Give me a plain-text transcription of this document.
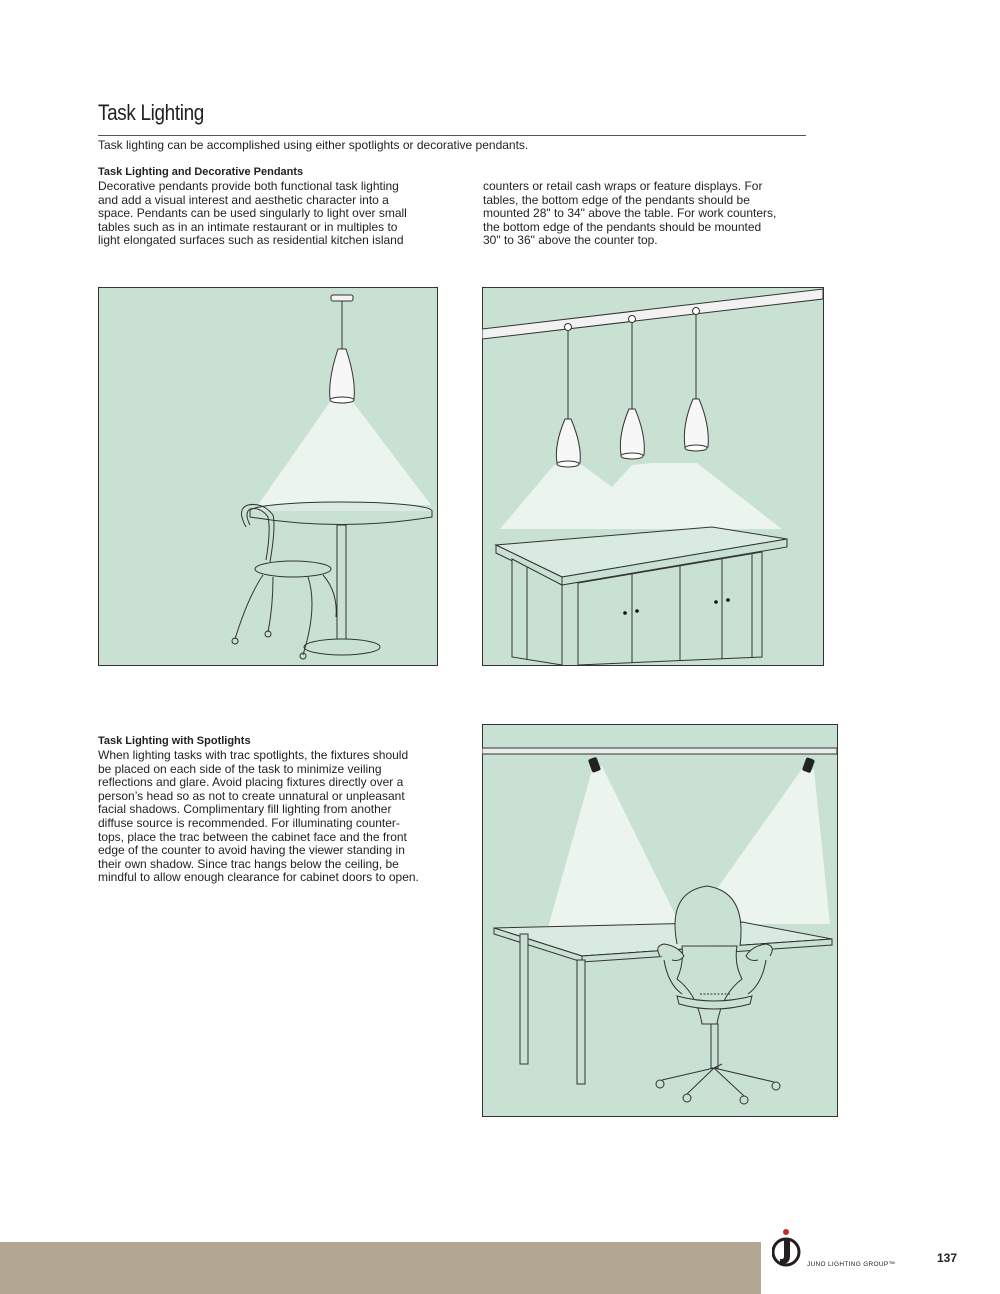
Task Lighting

Task lighting can be accomplished using either spotlights or decorative pendants.

Task Lighting and Decorative Pendants

Decorative pendants provide both functional task lighting
and add a visual interest and aesthetic character into a
space. Pendants can be used singularly to light over small
tables such as in an intimate restaurant or in multiples to
light elongated surfaces such as residential kitchen island
counters or retail cash wraps or feature displays. For
tables, the bottom edge of the pendants should be
mounted 28" to 34" above the table. For work counters,
the bottom edge of the pendants should be mounted
30" to 36" above the counter top.

Task Lighting with Spotlights

When lighting tasks with trac spotlights, the fixtures should
be placed on each side of the task to minimize veiling
reflections and glare. Avoid placing fixtures directly over a
person’s head so as not to create unnatural or unpleasant
facial shadows. Complimentary fill lighting from another
diffuse source is recommended. For illuminating counter-
tops, place the trac between the cabinet face and the front
edge of the counter to avoid having the viewer standing in
their own shadow. Since trac hangs below the ceiling, be
mindful to allow enough clearance for cabinet doors to open.
JUNO LIGHTING GROUP™	137
